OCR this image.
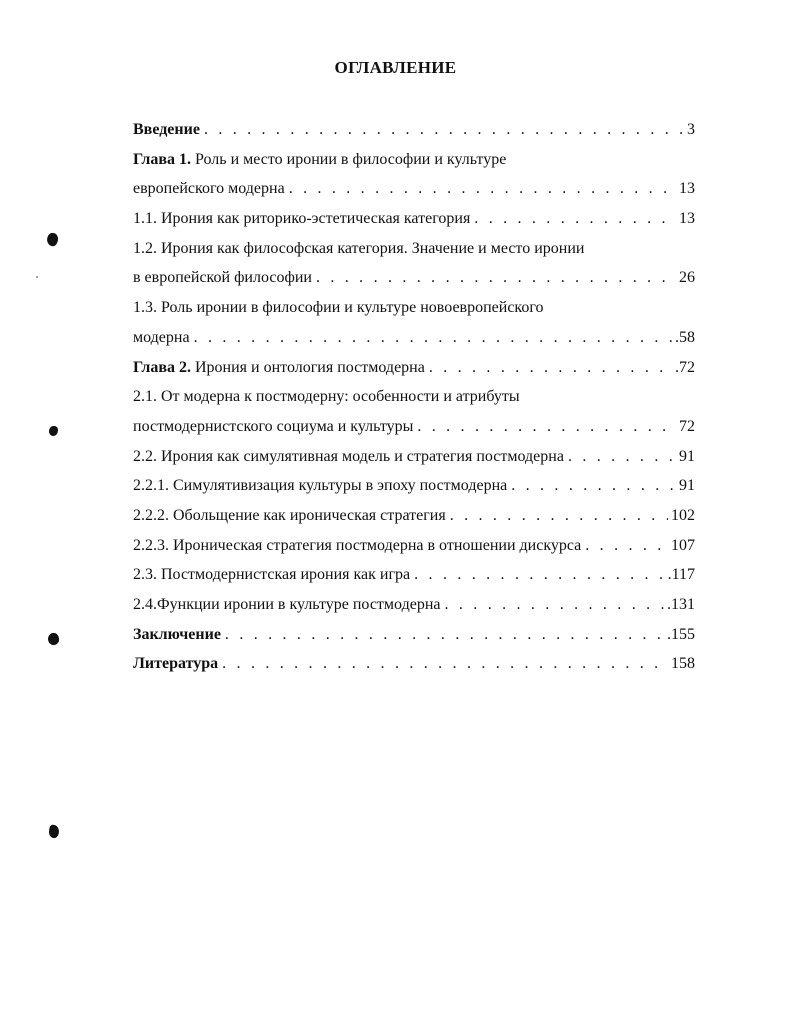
ОГЛАВЛЕНИЕ
Введение . . .	3
Глава 1. Роль и место иронии в философии и культуре
европейского модерна . . .	13
1.1. Ирония как риторико-эстетическая категория . . .	13
1.2. Ирония как философская категория. Значение и место иронии
в европейской философии . . .	26
1.3. Роль иронии в философии и культуре новоевропейского
модерна . . .	.58
Глава 2. Ирония и онтология постмодерна . . .	.72
2.1. От модерна к постмодерну: особенности и атрибуты
постмодернистского социума и культуры . . .	72
2.2. Ирония как симулятивная модель и стратегия постмодерна . . .	91
2.2.1. Симулятивизация культуры в эпоху постмодерна . . .	91
2.2.2. Обольщение как ироническая стратегия . . .	102
2.2.3. Ироническая стратегия постмодерна в отношении дискурса . . .	107
2.3. Постмодернистская ирония как игра . . .	.117
2.4.Функции иронии в культуре постмодерна . . .	.131
Заключение . . .	.155
Литература . . .	158
